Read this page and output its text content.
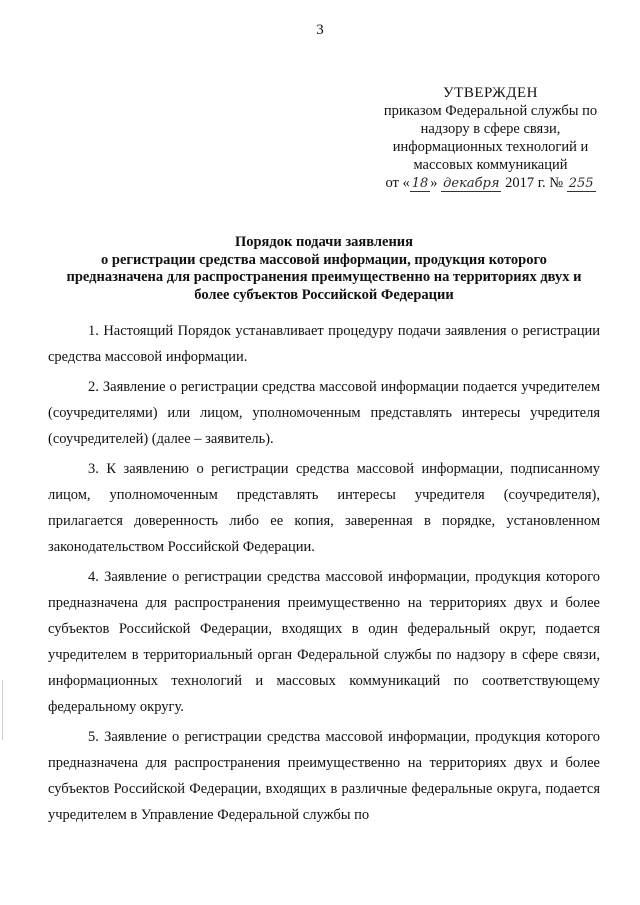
3
УТВЕРЖДЕН
приказом Федеральной службы по
надзору в сфере связи,
информационных технологий и
массовых коммуникаций
от « 18 » декабря 2017 г. № 255
Порядок подачи заявления
о регистрации средства массовой информации, продукция которого
предназначена для распространения преимущественно на территориях двух и
более субъектов Российской Федерации

1. Настоящий Порядок устанавливает процедуру подачи заявления о регистрации средства массовой информации.

2. Заявление о регистрации средства массовой информации подается учредителем (соучредителями) или лицом, уполномоченным представлять интересы учредителя (соучредителей) (далее – заявитель).

3. К заявлению о регистрации средства массовой информации, подписанному лицом, уполномоченным представлять интересы учредителя (соучредителя), прилагается доверенность либо ее копия, заверенная в порядке, установленном законодательством Российской Федерации.

4. Заявление о регистрации средства массовой информации, продукция которого предназначена для распространения преимущественно на территориях двух и более субъектов Российской Федерации, входящих в один федеральный округ, подается учредителем в территориальный орган Федеральной службы по надзору в сфере связи, информационных технологий и массовых коммуникаций по соответствующему федеральному округу.

5. Заявление о регистрации средства массовой информации, продукция которого предназначена для распространения преимущественно на территориях двух и более субъектов Российской Федерации, входящих в различные федеральные округа, подается учредителем в Управление Федеральной службы по
